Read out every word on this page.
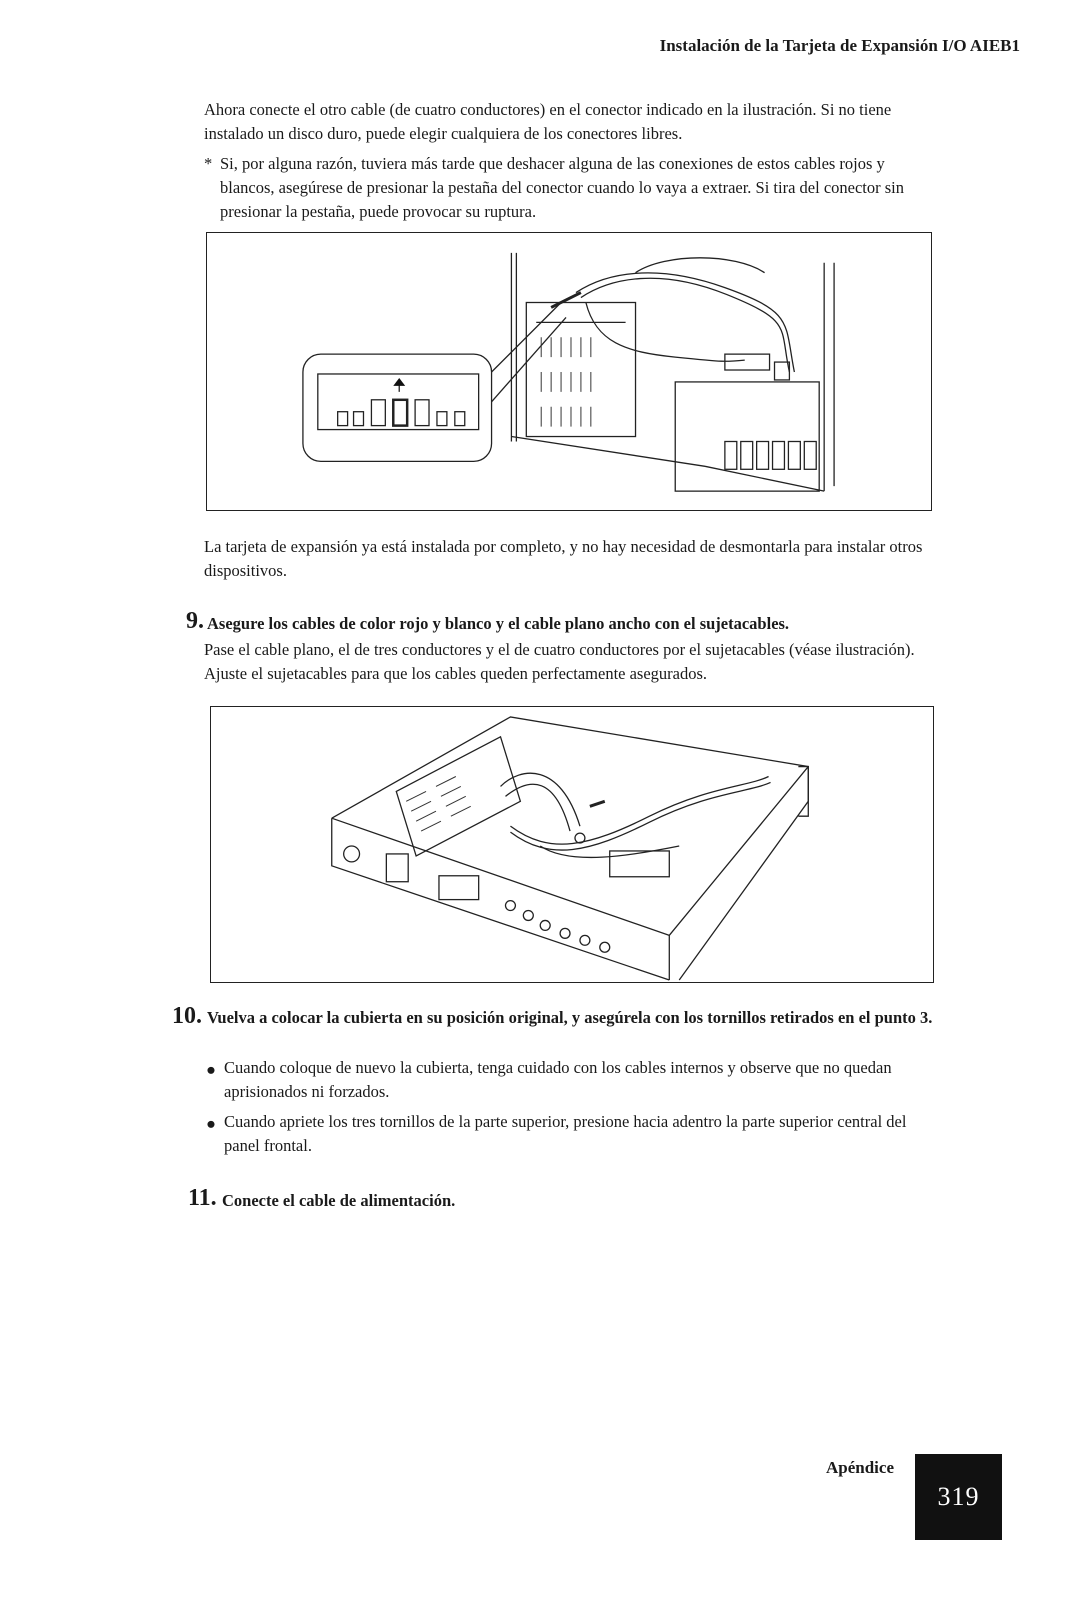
Instalación de la Tarjeta de Expansión I/O AIEB1
Ahora conecte el otro cable (de cuatro conductores) en el conector indicado en la ilustración. Si no tiene instalado un disco duro, puede elegir cualquiera de los conectores libres.
* Si, por alguna razón, tuviera más tarde que deshacer alguna de las conexiones de estos cables rojos y blancos, asegúrese de presionar la pestaña del conector cuando lo vaya a extraer. Si tira del conector sin presionar la pestaña, puede provocar su ruptura.
La tarjeta de expansión ya está instalada por completo, y no hay necesidad de desmontarla para instalar otros dispositivos.
9. Asegure los cables de color rojo y blanco y el cable plano ancho con el sujetacables.
Pase el cable plano, el de tres conductores y el de cuatro conductores por el sujetacables (véase ilustración). Ajuste el sujetacables para que los cables queden perfectamente asegurados.
10. Vuelva a colocar la cubierta en su posición original, y asegúrela con los tornillos retirados en el punto 3.
● Cuando coloque de nuevo la cubierta, tenga cuidado con los cables internos y observe que no quedan aprisionados ni forzados.
● Cuando apriete los tres tornillos de la parte superior, presione hacia adentro la parte superior central del panel frontal.
11. Conecte el cable de alimentación.
Apéndice
319
